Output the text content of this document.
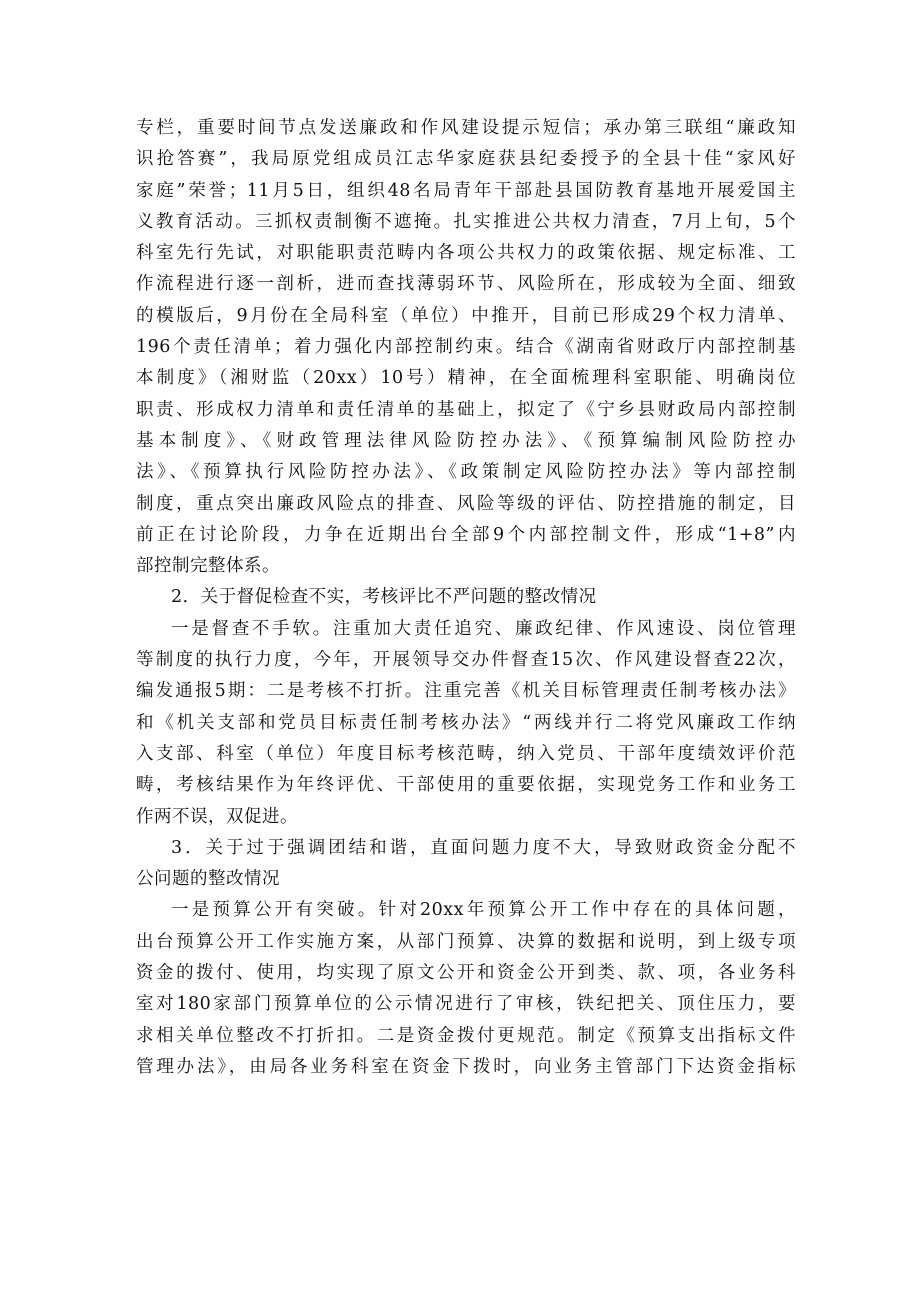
专栏，重要时间节点发送廉政和作风建设提示短信；承办第三联组“廉政知
识抢答赛”，我局原党组成员江志华家庭获县纪委授予的全县十佳“家风好
家庭”荣誉；11月5日，组织48名局青年干部赴县国防教育基地开展爱国主
义教育活动。三抓权责制衡不遮掩。扎实推进公共权力清查，7月上旬，5个
科室先行先试，对职能职责范畴内各项公共权力的政策依据、规定标准、工
作流程进行逐一剖析，进而查找薄弱环节、风险所在，形成较为全面、细致
的模版后，9月份在全局科室（单位）中推开，目前已形成29个权力清单、
196个责任清单；着力强化内部控制约束。结合《湖南省财政厅内部控制基
本制度》（湘财监（20xx）10号）精神，在全面梳理科室职能、明确岗位
职责、形成权力清单和责任清单的基础上，拟定了《宁乡县财政局内部控制
基本制度》、《财政管理法律风险防控办法》、《预算编制风险防控办
法》、《预算执行风险防控办法》、《政策制定风险防控办法》等内部控制
制度，重点突出廉政风险点的排查、风险等级的评估、防控措施的制定，目
前正在讨论阶段，力争在近期出台全部9个内部控制文件，形成“1+8”内
部控制完整体系。
2．关于督促检查不实，考核评比不严问题的整改情况
一是督查不手软。注重加大责任追究、廉政纪律、作风速设、岗位管理
等制度的执行力度，今年，开展领导交办件督查15次、作风建设督查22次，
编发通报5期：二是考核不打折。注重完善《机关目标管理责任制考核办法》
和《机关支部和党员目标责任制考核办法》“两线并行二将党风廉政工作纳
入支部、科室（单位）年度目标考核范畴，纳入党员、干部年度绩效评价范
畴，考核结果作为年终评优、干部使用的重要依据，实现党务工作和业务工
作两不误，双促进。
3．关于过于强调团结和谐，直面问题力度不大，导致财政资金分配不
公问题的整改情况
一是预算公开有突破。针对20xx年预算公开工作中存在的具体问题，
出台预算公开工作实施方案，从部门预算、决算的数据和说明，到上级专项
资金的拨付、使用，均实现了原文公开和资金公开到类、款、项，各业务科
室对180家部门预算单位的公示情况进行了审核，铁纪把关、顶住压力，要
求相关单位整改不打折扣。二是资金拨付更规范。制定《预算支出指标文件
管理办法》，由局各业务科室在资金下拨时，向业务主管部门下达资金指标
